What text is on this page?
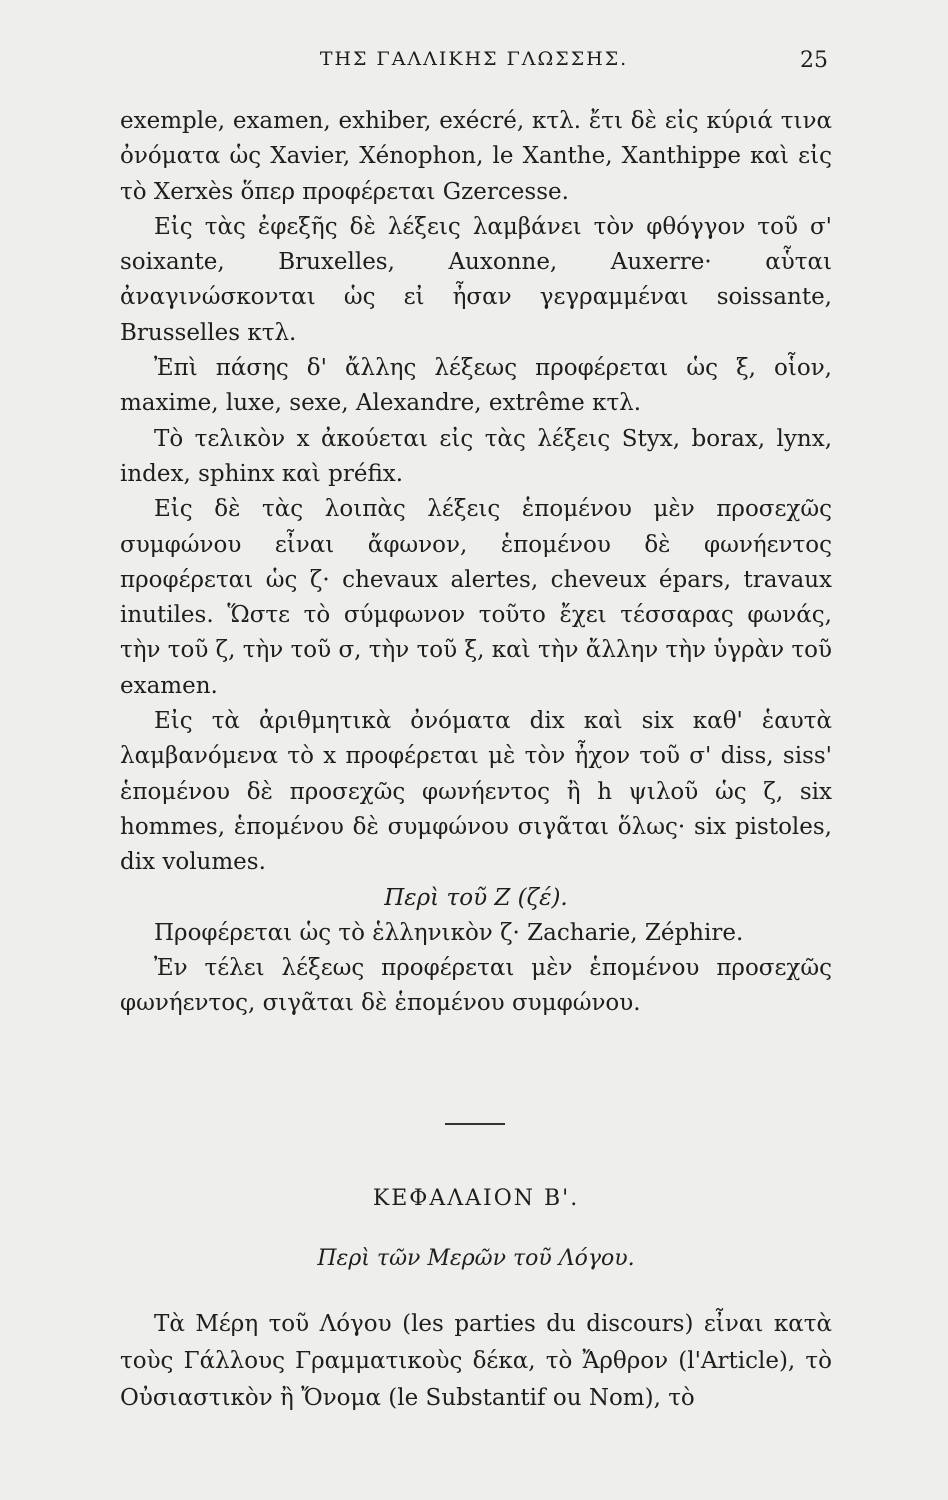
ΤΗΣ ΓΑΛΛΙΚΗΣ ΓΛΩΣΣΗΣ.	25

exemple, examen, exhiber, exécré, κτλ. ἔτι δὲ εἰς κύριά τινα ὀνόματα ὡς Xavier, Xénophon, le Xanthe, Xanthippe καὶ εἰς τὸ Xerxès ὅπερ προφέρεται Gzercesse.

Εἰς τὰς ἐφεξῆς δὲ λέξεις λαμβάνει τὸν φθόγγον τοῦ σ' soixante, Bruxelles, Auxonne, Auxerre· αὗται ἀναγινώσκονται ὡς εἰ ἦσαν γεγραμμέναι soissante, Brusselles κτλ.

Ἐπὶ πάσης δ' ἄλλης λέξεως προφέρεται ὡς ξ, οἷον, maxime, luxe, sexe, Alexandre, extrême κτλ.

Τὸ τελικὸν x ἀκούεται εἰς τὰς λέξεις Styx, borax, lynx, index, sphinx καὶ préfix.

Εἰς δὲ τὰς λοιπὰς λέξεις ἑπομένου μὲν προσεχῶς συμφώνου εἶναι ἄφωνον, ἑπομένου δὲ φωνήεντος προφέρεται ὡς ζ· chevaux alertes, cheveux épars, travaux inutiles. Ὥστε τὸ σύμφωνον τοῦτο ἔχει τέσσαρας φωνάς, τὴν τοῦ ζ, τὴν τοῦ σ, τὴν τοῦ ξ, καὶ τὴν ἄλλην τὴν ὑγρὰν τοῦ examen.

Εἰς τὰ ἀριθμητικὰ ὀνόματα dix καὶ six καθ' ἑαυτὰ λαμβανόμενα τὸ x προφέρεται μὲ τὸν ἦχον τοῦ σ' diss, siss' ἑπομένου δὲ προσεχῶς φωνήεντος ἢ h ψιλοῦ ὡς ζ, six hommes, ἑπομένου δὲ συμφώνου σιγᾶται ὅλως· six pistoles, dix volumes.

Περὶ τοῦ Z (ζέ).

Προφέρεται ὡς τὸ ἑλληνικὸν ζ· Zacharie, Zéphire.

Ἐν τέλει λέξεως προφέρεται μὲν ἑπομένου προσεχῶς φωνήεντος, σιγᾶται δὲ ἑπομένου συμφώνου.

ΚΕΦΑΛΑΙΟΝ Β'.
Περὶ τῶν Μερῶν τοῦ Λόγου.

Τὰ Μέρη τοῦ Λόγου (les parties du discours) εἶναι κατὰ τοὺς Γάλλους Γραμματικοὺς δέκα, τὸ Ἄρθρον (l'Article), τὸ Οὐσιαστικὸν ἢ Ὄνομα (le Substantif ou Nom), τὸ
